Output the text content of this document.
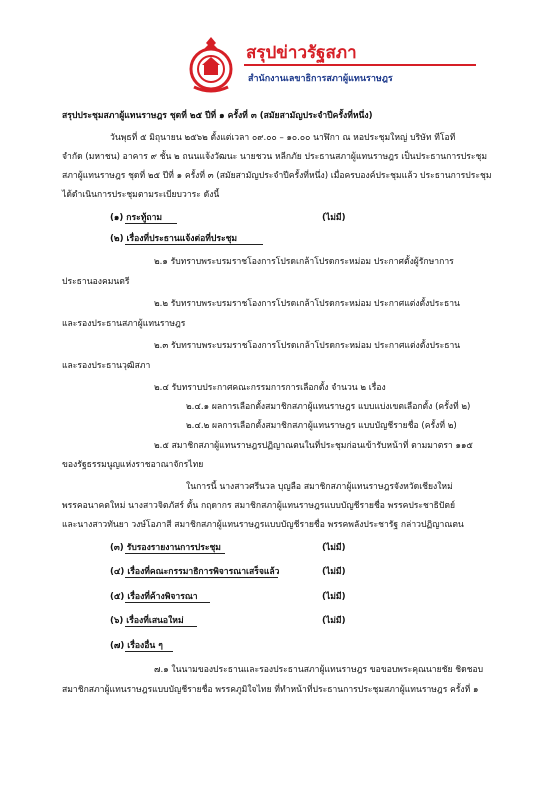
สรุปข่าวรัฐสภา
สำนักงานเลขาธิการสภาผู้แทนราษฎร
สรุปประชุมสภาผู้แทนราษฎร ชุดที่ ๒๕ ปีที่ ๑ ครั้งที่ ๓ (สมัยสามัญประจำปีครั้งที่หนึ่ง)
วันพุธที่ ๕ มิถุนายน ๒๕๖๒ ตั้งแต่เวลา ๐๙.๐๐ – ๑๐.๐๐ นาฬิกา ณ หอประชุมใหญ่ บริษัท ทีโอที
จำกัด (มหาชน) อาคาร ๙ ชั้น ๒ ถนนแจ้งวัฒนะ นายชวน หลีกภัย ประธานสภาผู้แทนราษฎร เป็นประธานการประชุม
สภาผู้แทนราษฎร ชุดที่ ๒๕ ปีที่ ๑ ครั้งที่ ๓ (สมัยสามัญประจำปีครั้งที่หนึ่ง) เมื่อครบองค์ประชุมแล้ว ประธานการประชุม
ได้ดำเนินการประชุมตามระเบียบวาระ ดังนี้
(๑) กระทู้ถาม	(ไม่มี)
(๒) เรื่องที่ประธานแจ้งต่อที่ประชุม
๒.๑ รับทราบพระบรมราชโองการโปรดเกล้าโปรดกระหม่อม ประกาศตั้งผู้รักษาการ
ประธานองคมนตรี
๒.๒ รับทราบพระบรมราชโองการโปรดเกล้าโปรดกระหม่อม ประกาศแต่งตั้งประธาน
และรองประธานสภาผู้แทนราษฎร
๒.๓ รับทราบพระบรมราชโองการโปรดเกล้าโปรดกระหม่อม ประกาศแต่งตั้งประธาน
และรองประธานวุฒิสภา
๒.๔ รับทราบประกาศคณะกรรมการการเลือกตั้ง จำนวน ๒ เรื่อง
๒.๔.๑ ผลการเลือกตั้งสมาชิกสภาผู้แทนราษฎร แบบแบ่งเขตเลือกตั้ง (ครั้งที่ ๒)
๒.๔.๒ ผลการเลือกตั้งสมาชิกสภาผู้แทนราษฎร แบบบัญชีรายชื่อ (ครั้งที่ ๒)
๒.๕ สมาชิกสภาผู้แทนราษฎรปฏิญาณตนในที่ประชุมก่อนเข้ารับหน้าที่ ตามมาตรา ๑๑๕
ของรัฐธรรมนูญแห่งราชอาณาจักรไทย
ในการนี้ นางสาวศรีนวล บุญลือ สมาชิกสภาผู้แทนราษฎรจังหวัดเชียงใหม่
พรรคอนาคตใหม่ นางสาวจิตภัสร์ ตั้น กฤดากร สมาชิกสภาผู้แทนราษฎรแบบบัญชีรายชื่อ พรรคประชาธิปัตย์
และนางสาวทันยา วงษ์โอภาสี สมาชิกสภาผู้แทนราษฎรแบบบัญชีรายชื่อ พรรคพลังประชารัฐ กล่าวปฏิญาณตน
(๓) รับรองรายงานการประชุม	(ไม่มี)
(๔) เรื่องที่คณะกรรมาธิการพิจารณาเสร็จแล้ว	(ไม่มี)
(๕) เรื่องที่ค้างพิจารณา	(ไม่มี)
(๖) เรื่องที่เสนอใหม่	(ไม่มี)
(๗) เรื่องอื่น ๆ
๗.๑ ในนามของประธานและรองประธานสภาผู้แทนราษฎร ขอขอบพระคุณนายชัย ชิดชอบ
สมาชิกสภาผู้แทนราษฎรแบบบัญชีรายชื่อ พรรคภูมิใจไทย ที่ทำหน้าที่ประธานการประชุมสภาผู้แทนราษฎร ครั้งที่ ๑
